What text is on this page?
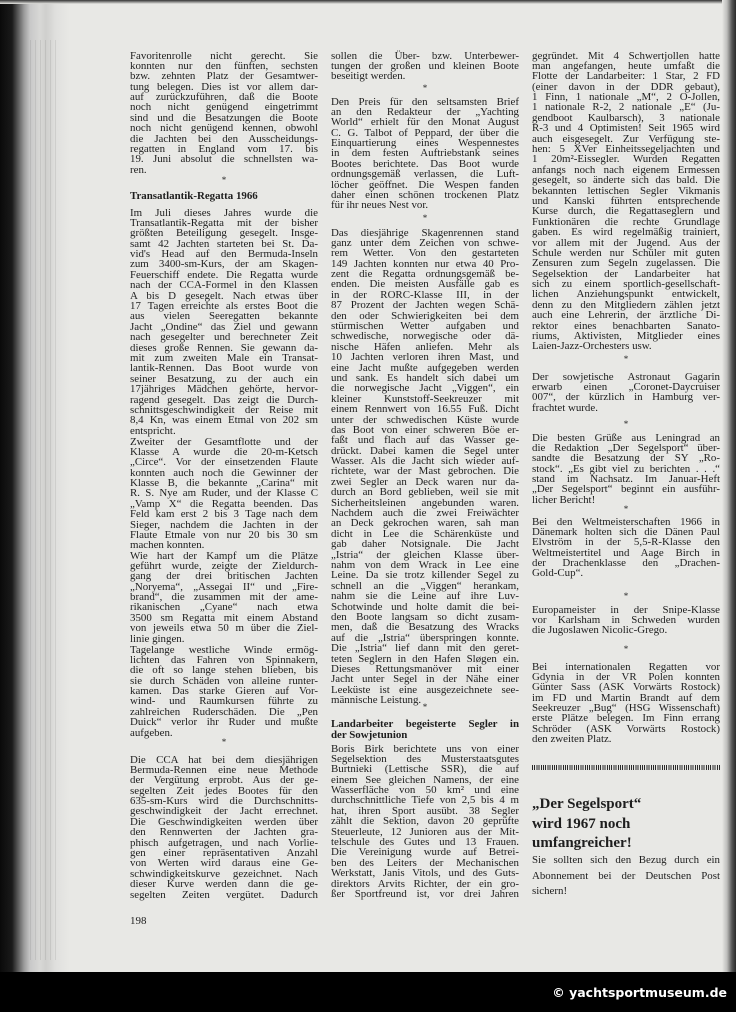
Favoritenrolle nicht gerecht. Sie
konnten nur den fünften, sechsten
bzw. zehnten Platz der Gesamtwer-
tung belegen. Dies ist vor allem dar-
auf zurückzuführen, daß die Boote
noch nicht genügend eingetrimmt
sind und die Besatzungen die Boote
noch nicht genügend kennen, obwohl
die Jachten bei den Ausscheidungs-
regatten in England vom 17. bis
19. Juni absolut die schnellsten wa-
ren.
*
Transatlantik-Regatta 1966
Im Juli dieses Jahres wurde die
Transatlantik-Regatta mit der bisher
größten Beteiligung gesegelt. Insge-
samt 42 Jachten starteten bei St. Da-
vid's Head auf den Bermuda-Inseln
zum 3400-sm-Kurs, der am Skagen-
Feuerschiff endete. Die Regatta wurde
nach der CCA-Formel in den Klassen
A bis D gesegelt. Nach etwas über
17 Tagen erreichte als erstes Boot die
aus vielen Seeregatten bekannte
Jacht „Ondine“ das Ziel und gewann
nach gesegelter und berechneter Zeit
dieses große Rennen. Sie gewann da-
mit zum zweiten Male ein Transat-
lantik-Rennen. Das Boot wurde von
seiner Besatzung, zu der auch ein
17jähriges Mädchen gehörte, hervor-
ragend gesegelt. Das zeigt die Durch-
schnittsgeschwindigkeit der Reise mit
8,4 Kn, was einem Etmal von 202 sm
entspricht.
Zweiter der Gesamtflotte und der
Klasse A wurde die 20-m-Ketsch
„Circe“. Vor der einsetzenden Flaute
konnten auch noch die Gewinner der
Klasse B, die bekannte „Carina“ mit
R. S. Nye am Ruder, und der Klasse C
„Vamp X“ die Regatta beenden. Das
Feld kam erst 2 bis 3 Tage nach dem
Sieger, nachdem die Jachten in der
Flaute Etmale von nur 20 bis 30 sm
machen konnten.
Wie hart der Kampf um die Plätze
geführt wurde, zeigte der Zieldurch-
gang der drei britischen Jachten
„Noryema“, „Assegai II“ und „Fire-
brand“, die zusammen mit der ame-
rikanischen „Cyane“ nach etwa
3500 sm Regatta mit einem Abstand
von jeweils etwa 50 m über die Ziel-
linie gingen.
Tagelange westliche Winde ermög-
lichten das Fahren von Spinnakern,
die oft so lange stehen blieben, bis
sie durch Schäden von alleine runter-
kamen. Das starke Gieren auf Vor-
wind- und Raumkursen führte zu
zahlreichen Ruderschäden. Die „Pen
Duick“ verlor ihr Ruder und mußte
aufgeben.
*
Die CCA hat bei dem diesjährigen
Bermuda-Rennen eine neue Methode
der Vergütung erprobt. Aus der ge-
segelten Zeit jedes Bootes für den
635-sm-Kurs wird die Durchschnitts-
geschwindigkeit der Jacht errechnet.
Die Geschwindigkeiten werden über
den Rennwerten der Jachten gra-
phisch aufgetragen, und nach Vorlie-
gen einer repräsentativen Anzahl
von Werten wird daraus eine Ge-
schwindigkeitskurve gezeichnet. Nach
dieser Kurve werden dann die ge-
segelten Zeiten vergütet. Dadurch
sollen die Über- bzw. Unterbewer-
tungen der großen und kleinen Boote
beseitigt werden.
*
Den Preis für den seltsamsten Brief
an den Redakteur der „Yachting
World“ erhielt für den Monat August
C. G. Talbot of Peppard, der über die
Einquartierung eines Wespennestes
in dem festen Auftriebstank seines
Bootes berichtete. Das Boot wurde
ordnungsgemäß verlassen, die Luft-
löcher geöffnet. Die Wespen fanden
daher einen schönen trockenen Platz
für ihr neues Nest vor.
*
Das diesjährige Skagenrennen stand
ganz unter dem Zeichen von schwe-
rem Wetter. Von den gestarteten
149 Jachten konnten nur etwa 40 Pro-
zent die Regatta ordnungsgemäß be-
enden. Die meisten Ausfälle gab es
in der RORC-Klasse III, in der
87 Prozent der Jachten wegen Schä-
den oder Schwierigkeiten bei dem
stürmischen Wetter aufgaben und
schwedische, norwegische oder dä-
nische Häfen anliefen. Mehr als
10 Jachten verloren ihren Mast, und
eine Jacht mußte aufgegeben werden
und sank. Es handelt sich dabei um
die norwegische Jacht „Viggen“, ein
kleiner Kunststoff-Seekreuzer mit
einem Rennwert von 16.55 Fuß. Dicht
unter der schwedischen Küste wurde
das Boot von einer schweren Böe er-
faßt und flach auf das Wasser ge-
drückt. Dabei kamen die Segel unter
Wasser. Als die Jacht sich wieder auf-
richtete, war der Mast gebrochen. Die
zwei Segler an Deck waren nur da-
durch an Bord geblieben, weil sie mit
Sicherheitsleinen angebunden waren.
Nachdem auch die zwei Freiwächter
an Deck gekrochen waren, sah man
dicht in Lee die Schärenküste und
gab daher Notsignale. Die Jacht
„Istria“ der gleichen Klasse über-
nahm von dem Wrack in Lee eine
Leine. Da sie trotz killender Segel zu
schnell an die „Viggen“ herankam,
nahm sie die Leine auf ihre Luv-
Schotwinde und holte damit die bei-
den Boote langsam so dicht zusam-
men, daß die Besatzung des Wracks
auf die „Istria“ überspringen konnte.
Die „Istria“ lief dann mit den geret-
teten Seglern in den Hafen Sløgen ein.
Dieses Rettungsmanöver mit einer
Jacht unter Segel in der Nähe einer
Leeküste ist eine ausgezeichnete see-
männische Leistung.
*
Landarbeiter begeisterte Segler in
der Sowjetunion
Boris Birk berichtete uns von einer
Segelsektion des Musterstaatsgutes
Burtnieki (Lettische SSR), die auf
einem See gleichen Namens, der eine
Wasserfläche von 50 km² und eine
durchschnittliche Tiefe von 2,5 bis 4 m
hat, ihren Sport ausübt. 38 Segler
zählt die Sektion, davon 20 geprüfte
Steuerleute, 12 Junioren aus der Mit-
telschule des Gutes und 13 Frauen.
Die Vereinigung wurde auf Betrei-
ben des Leiters der Mechanischen
Werkstatt, Janis Vitols, und des Guts-
direktors Arvits Richter, der ein gro-
ßer Sportfreund ist, vor drei Jahren
gegründet. Mit 4 Schwertjollen hatte
man angefangen, heute umfaßt die
Flotte der Landarbeiter: 1 Star, 2 FD
(einer davon in der DDR gebaut),
1 Finn, 1 nationale „M“, 2 O-Jollen,
1 nationale R-2, 2 nationale „E“ (Ju-
gendboot Kaulbarsch), 3 nationale
R-3 und 4 Optimisten! Seit 1965 wird
auch eisgesegelt. Zur Verfügung ste-
hen: 5 XVer Einheitssegeljachten und
1 20m²-Eissegler. Wurden Regatten
anfangs noch nach eigenem Ermessen
gesegelt, so änderte sich das bald. Die
bekannten lettischen Segler Vikmanis
und Kanski führten entsprechende
Kurse durch, die Regattaseglern und
Funktionären die rechte Grundlage
gaben. Es wird regelmäßig trainiert,
vor allem mit der Jugend. Aus der
Schule werden nur Schüler mit guten
Zensuren zum Segeln zugelassen. Die
Segelsektion der Landarbeiter hat
sich zu einem sportlich-gesellschaft-
lichen Anziehungspunkt entwickelt,
denn zu den Mitgliedern zählen jetzt
auch eine Lehrerin, der ärztliche Di-
rektor eines benachbarten Sanato-
riums, Aktivisten, Mitglieder eines
Laien-Jazz-Orchesters usw.
*
Der sowjetische Astronaut Gagarin
erwarb einen „Coronet-Daycruiser
007“, der kürzlich in Hamburg ver-
frachtet wurde.
*
Die besten Grüße aus Leningrad an
die Redaktion „Der Segelsport“ über-
sandte die Besatzung der SY „Ro-
stock“. „Es gibt viel zu berichten . . .“
stand im Nachsatz. Im Januar-Heft
„Der Segelsport“ beginnt ein ausführ-
licher Bericht!
*
Bei den Weltmeisterschaften 1966 in
Dänemark holten sich die Dänen Paul
Elvström in der 5,5-R-Klasse den
Weltmeistertitel und Aage Birch in
der Drachenklasse den „Drachen-
Gold-Cup“.
*
Europameister in der Snipe-Klasse
vor Karlsham in Schweden wurden
die Jugoslawen Nicolic-Grego.
*
Bei internationalen Regatten vor
Gdynia in der VR Polen konnten
Günter Sass (ASK Vorwärts Rostock)
im FD und Martin Brandt auf dem
Seekreuzer „Bug“ (HSG Wissenschaft)
erste Plätze belegen. Im Finn errang
Schröder (ASK Vorwärts Rostock)
den zweiten Platz.
198
„Der Segelsport“
wird 1967 noch
umfangreicher!
Sie sollten sich den Bezug durch ein
Abonnement bei der Deutschen Post
sichern!
© yachtsportmuseum.de
